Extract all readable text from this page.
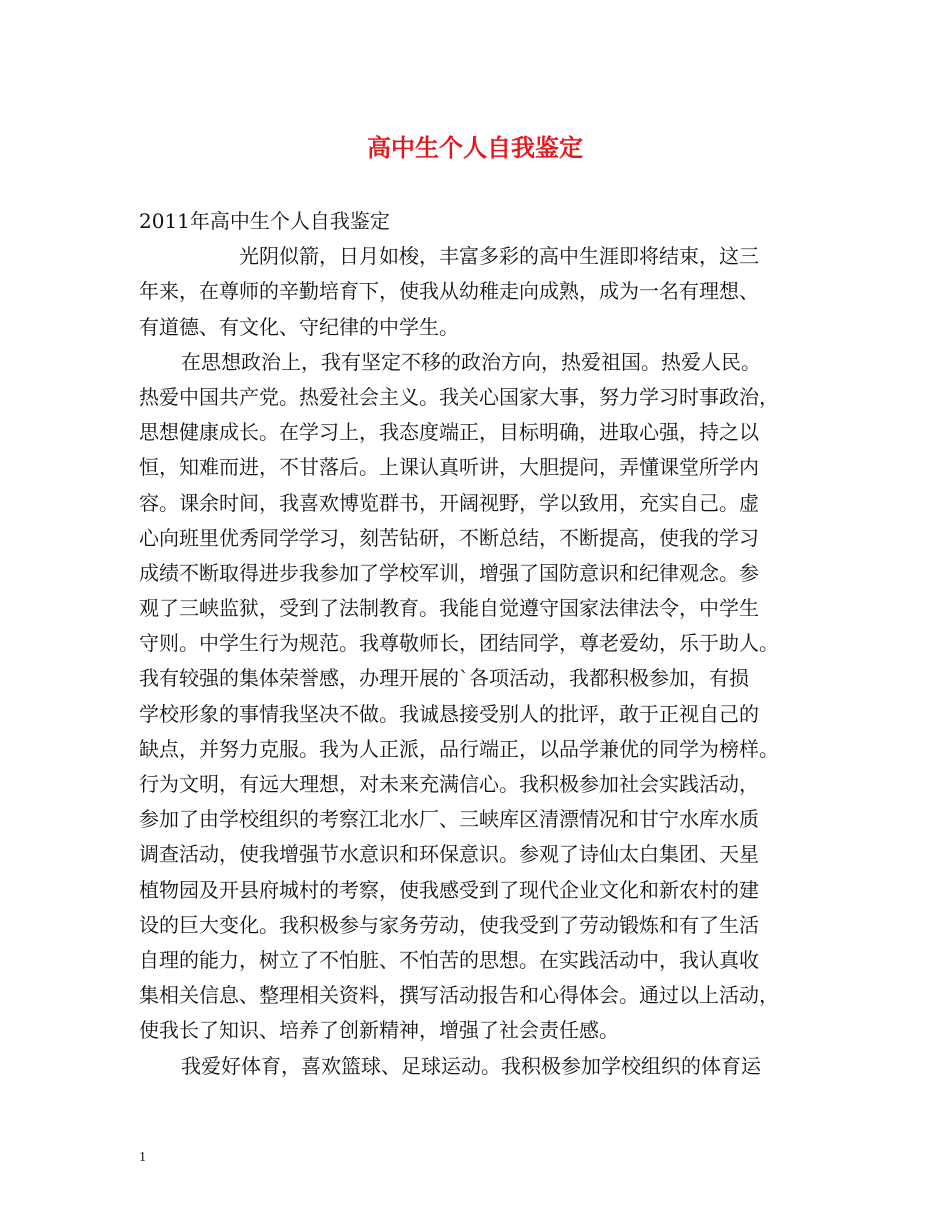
高中生个人自我鉴定
2011年高中生个人自我鉴定
光阴似箭，日月如梭，丰富多彩的高中生涯即将结束，这三
年来，在尊师的辛勤培育下，使我从幼稚走向成熟，成为一名有理想、
有道德、有文化、守纪律的中学生。
在思想政治上，我有坚定不移的政治方向，热爱祖国。热爱人民。
热爱中国共产党。热爱社会主义。我关心国家大事，努力学习时事政治，
思想健康成长。在学习上，我态度端正，目标明确，进取心强，持之以
恒，知难而进，不甘落后。上课认真听讲，大胆提问，弄懂课堂所学内
容。课余时间，我喜欢博览群书，开阔视野，学以致用，充实自己。虚
心向班里优秀同学学习，刻苦钻研，不断总结，不断提高，使我的学习
成绩不断取得进步我参加了学校军训，增强了国防意识和纪律观念。参
观了三峡监狱，受到了法制教育。我能自觉遵守国家法律法令，中学生
守则。中学生行为规范。我尊敬师长，团结同学，尊老爱幼，乐于助人。
我有较强的集体荣誉感，办理开展的`各项活动，我都积极参加，有损
学校形象的事情我坚决不做。我诚恳接受别人的批评，敢于正视自己的
缺点，并努力克服。我为人正派，品行端正，以品学兼优的同学为榜样。
行为文明，有远大理想，对未来充满信心。我积极参加社会实践活动，
参加了由学校组织的考察江北水厂、三峡库区清漂情况和甘宁水库水质
调查活动，使我增强节水意识和环保意识。参观了诗仙太白集团、天星
植物园及开县府城村的考察，使我感受到了现代企业文化和新农村的建
设的巨大变化。我积极参与家务劳动，使我受到了劳动锻炼和有了生活
自理的能力，树立了不怕脏、不怕苦的思想。在实践活动中，我认真收
集相关信息、整理相关资料，撰写活动报告和心得体会。通过以上活动，
使我长了知识、培养了创新精神，增强了社会责任感。
我爱好体育，喜欢篮球、足球运动。我积极参加学校组织的体育运
1
